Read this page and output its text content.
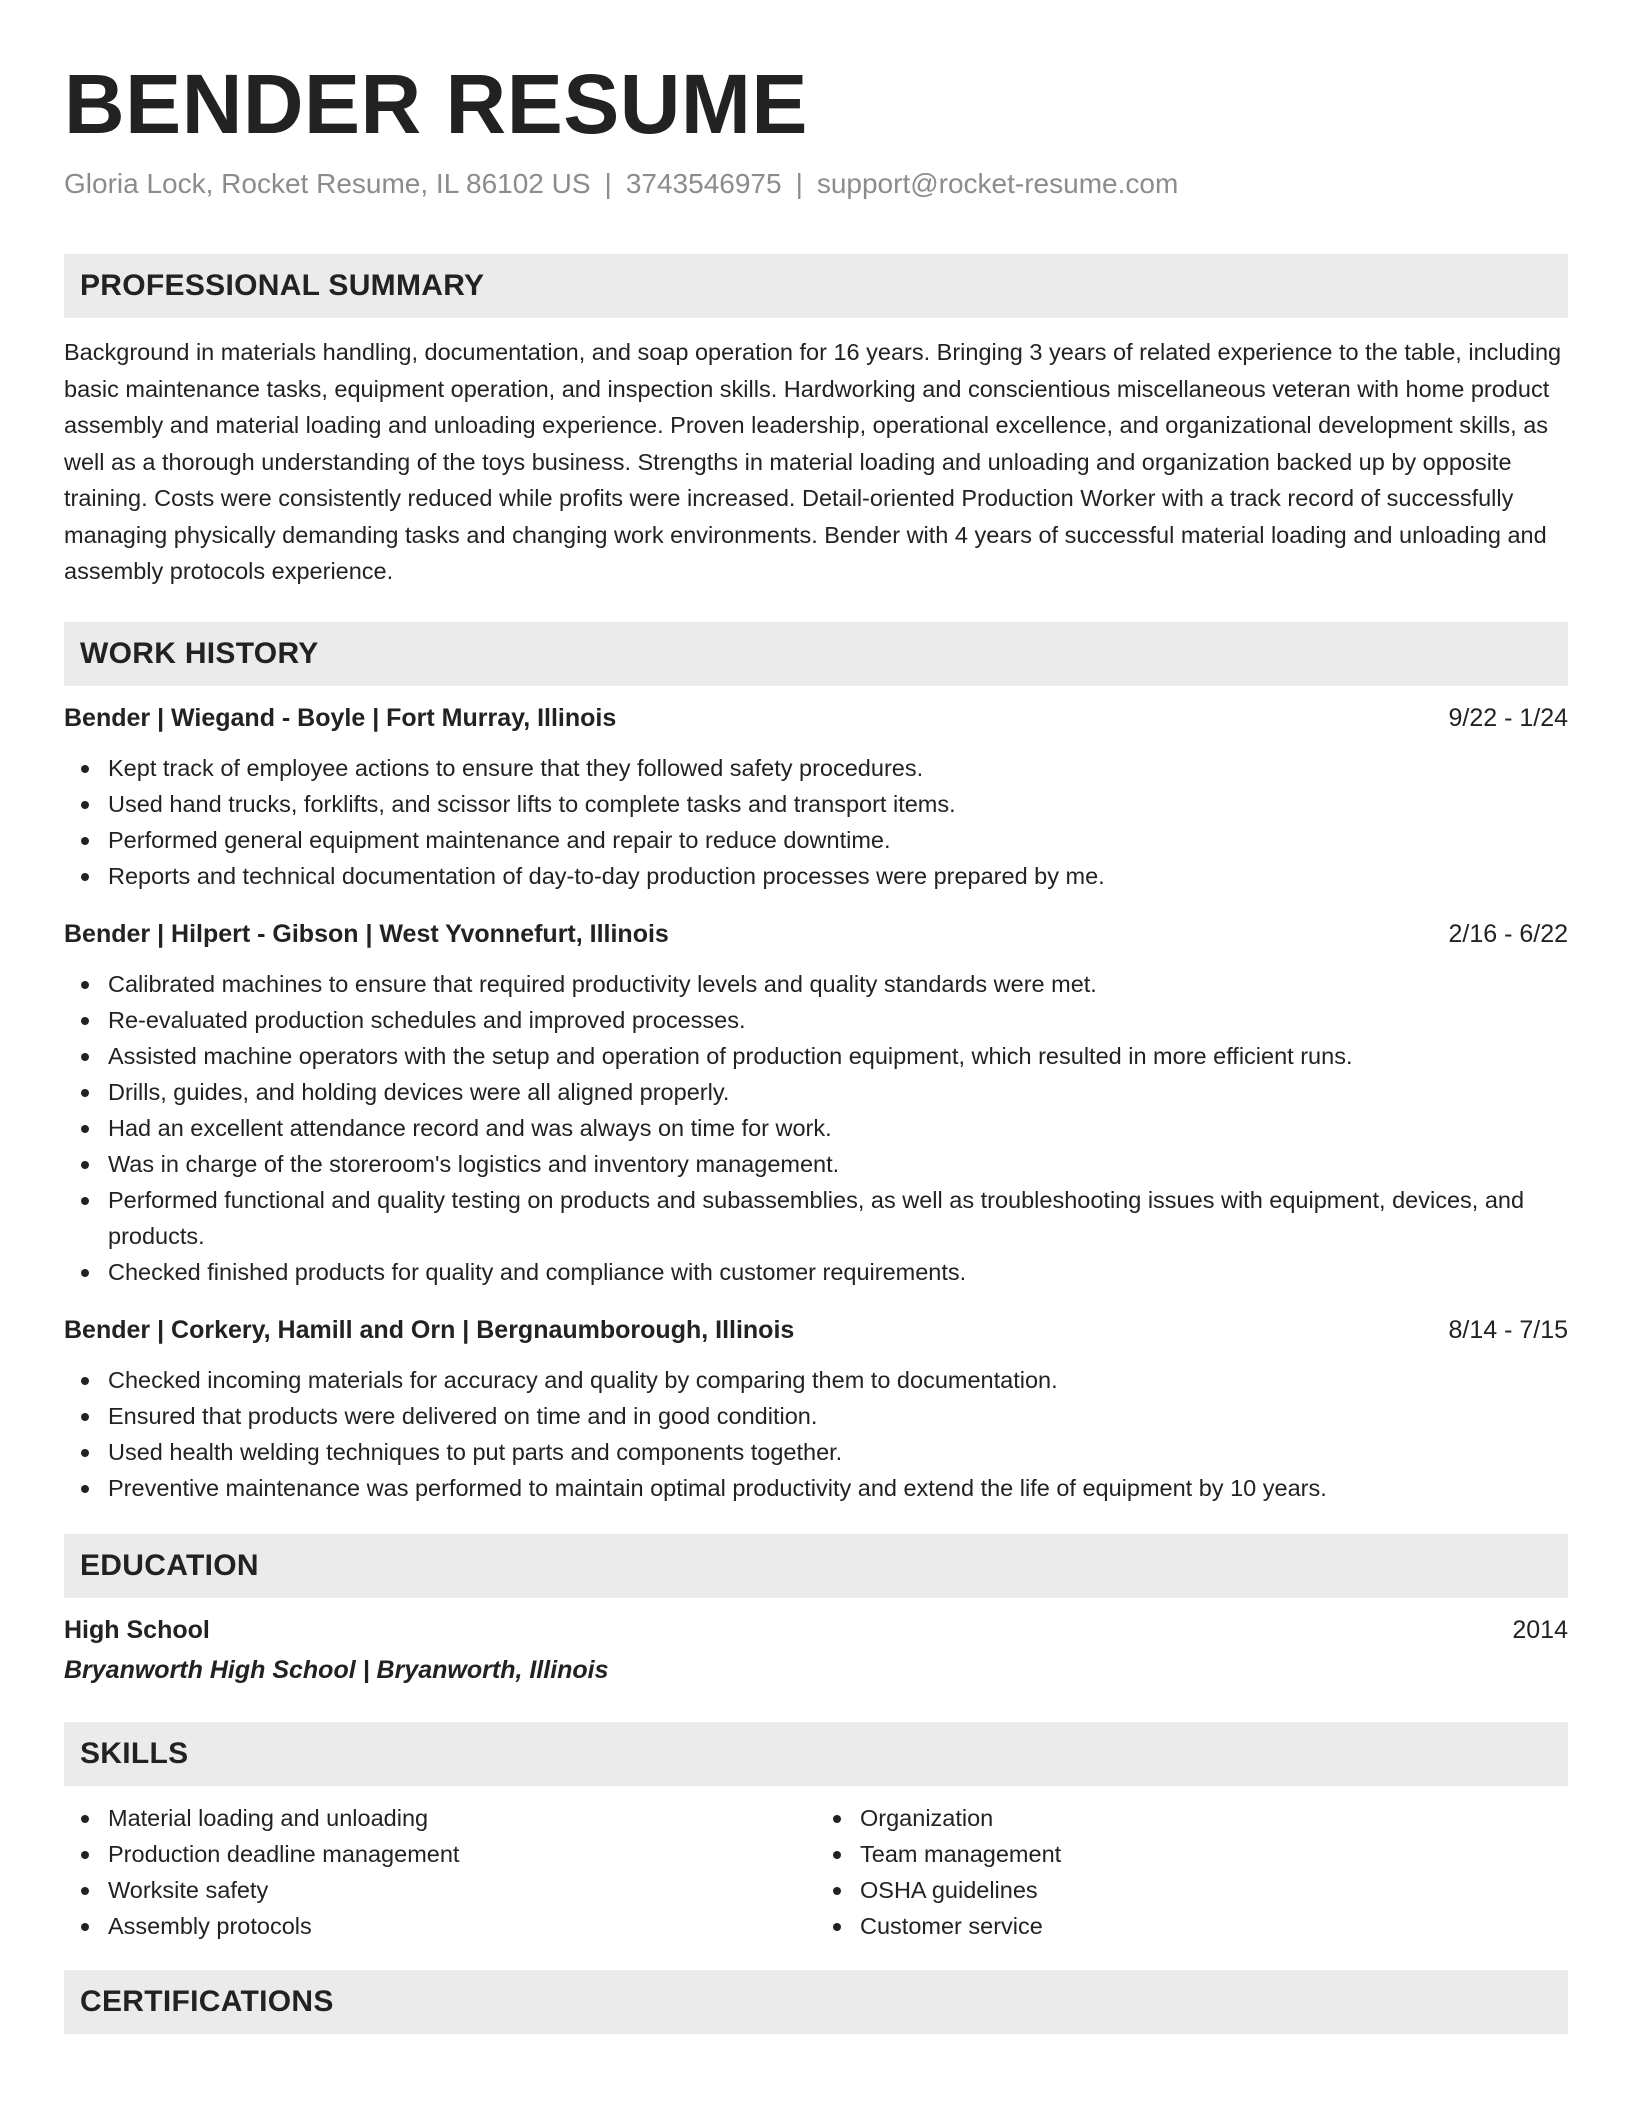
BENDER RESUME
Gloria Lock, Rocket Resume, IL 86102 US | 3743546975 | support@rocket-resume.com
PROFESSIONAL SUMMARY
Background in materials handling, documentation, and soap operation for 16 years. Bringing 3 years of related experience to the table, including basic maintenance tasks, equipment operation, and inspection skills. Hardworking and conscientious miscellaneous veteran with home product assembly and material loading and unloading experience. Proven leadership, operational excellence, and organizational development skills, as well as a thorough understanding of the toys business. Strengths in material loading and unloading and organization backed up by opposite training. Costs were consistently reduced while profits were increased. Detail-oriented Production Worker with a track record of successfully managing physically demanding tasks and changing work environments. Bender with 4 years of successful material loading and unloading and assembly protocols experience.
WORK HISTORY
Bender | Wiegand - Boyle | Fort Murray, Illinois	9/22 - 1/24
Kept track of employee actions to ensure that they followed safety procedures.
Used hand trucks, forklifts, and scissor lifts to complete tasks and transport items.
Performed general equipment maintenance and repair to reduce downtime.
Reports and technical documentation of day-to-day production processes were prepared by me.
Bender | Hilpert - Gibson | West Yvonnefurt, Illinois	2/16 - 6/22
Calibrated machines to ensure that required productivity levels and quality standards were met.
Re-evaluated production schedules and improved processes.
Assisted machine operators with the setup and operation of production equipment, which resulted in more efficient runs.
Drills, guides, and holding devices were all aligned properly.
Had an excellent attendance record and was always on time for work.
Was in charge of the storeroom's logistics and inventory management.
Performed functional and quality testing on products and subassemblies, as well as troubleshooting issues with equipment, devices, and products.
Checked finished products for quality and compliance with customer requirements.
Bender | Corkery, Hamill and Orn | Bergnaumborough, Illinois	8/14 - 7/15
Checked incoming materials for accuracy and quality by comparing them to documentation.
Ensured that products were delivered on time and in good condition.
Used health welding techniques to put parts and components together.
Preventive maintenance was performed to maintain optimal productivity and extend the life of equipment by 10 years.
EDUCATION
High School	2014
Bryanworth High School | Bryanworth, Illinois
SKILLS
Material loading and unloading
Production deadline management
Worksite safety
Assembly protocols
Organization
Team management
OSHA guidelines
Customer service
CERTIFICATIONS
